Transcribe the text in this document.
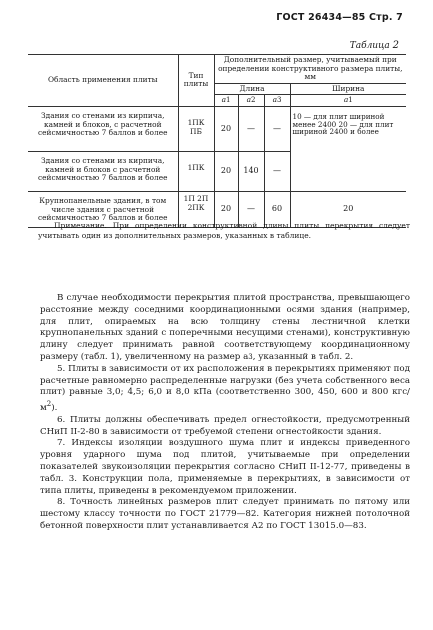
ГОСТ 26434—85 Стр. 7
Таблица 2
Область применения плиты	Тип плиты	Дополнительный размер, учитываемый при определении конструктивного размера плиты, мм			
		Длина			Ширина
		a1	a2	a3	a1
Здания со стенами из кирпича, камней и блоков, с расчетной сейсмичностью 7 баллов и более	1ПК ПБ	20	—	—	10 — для плит шириной менее 2400 20 — для плит шириной 2400 и более
Здания со стенами из кирпича, камней и блоков с расчетной сейсмичностью 7 баллов и более	1ПК	20	140	—	
Крупнопанельные здания, в том числе здания с расчетной сейсмичностью 7 баллов и более	1П 2П 2ПК	20	—	60	20
Примечание. При определении конструктивной длины плиты перекрытия следует учитывать один из дополнительных размеров, указанных в таблице.

В случае необходимости перекрытия плитой пространства, превышающего расстояние между соседними координационными осями здания (например, для плит, опираемых на всю толщину стены лестничной клетки крупнопанельных зданий с поперечными несущими стенами), конструктивную длину следует принимать равной соответствующему координационному размеру (табл. 1), увеличенному на размер a3, указанный в табл. 2.

5. Плиты в зависимости от их расположения в перекрытиях применяют под расчетные равномерно распределенные нагрузки (без учета собственного веса плит) равные 3,0; 4,5; 6,0 и 8,0 кПа (соответственно 300, 450, 600 и 800 кгс/$м^2$).

6. Плиты должны обеспечивать предел огнестойкости, предусмотренный СНиП II-2-80 в зависимости от требуемой степени огнестойкости здания.

7. Индексы изоляции воздушного шума плит и индексы приведенного уровня ударного шума под плитой, учитываемые при определении показателей звукоизоляции перекрытия согласно СНиП II-12-77, приведены в табл. 3. Конструкции пола, применяемые в перекрытиях, в зависимости от типа плиты, приведены в рекомендуемом приложении.

8. Точность линейных размеров плит следует принимать по пятому или шестому классу точности по ГОСТ 21779—82. Категория нижней потолочной бетонной поверхности плит устанавливается А2 по ГОСТ 13015.0—83.
